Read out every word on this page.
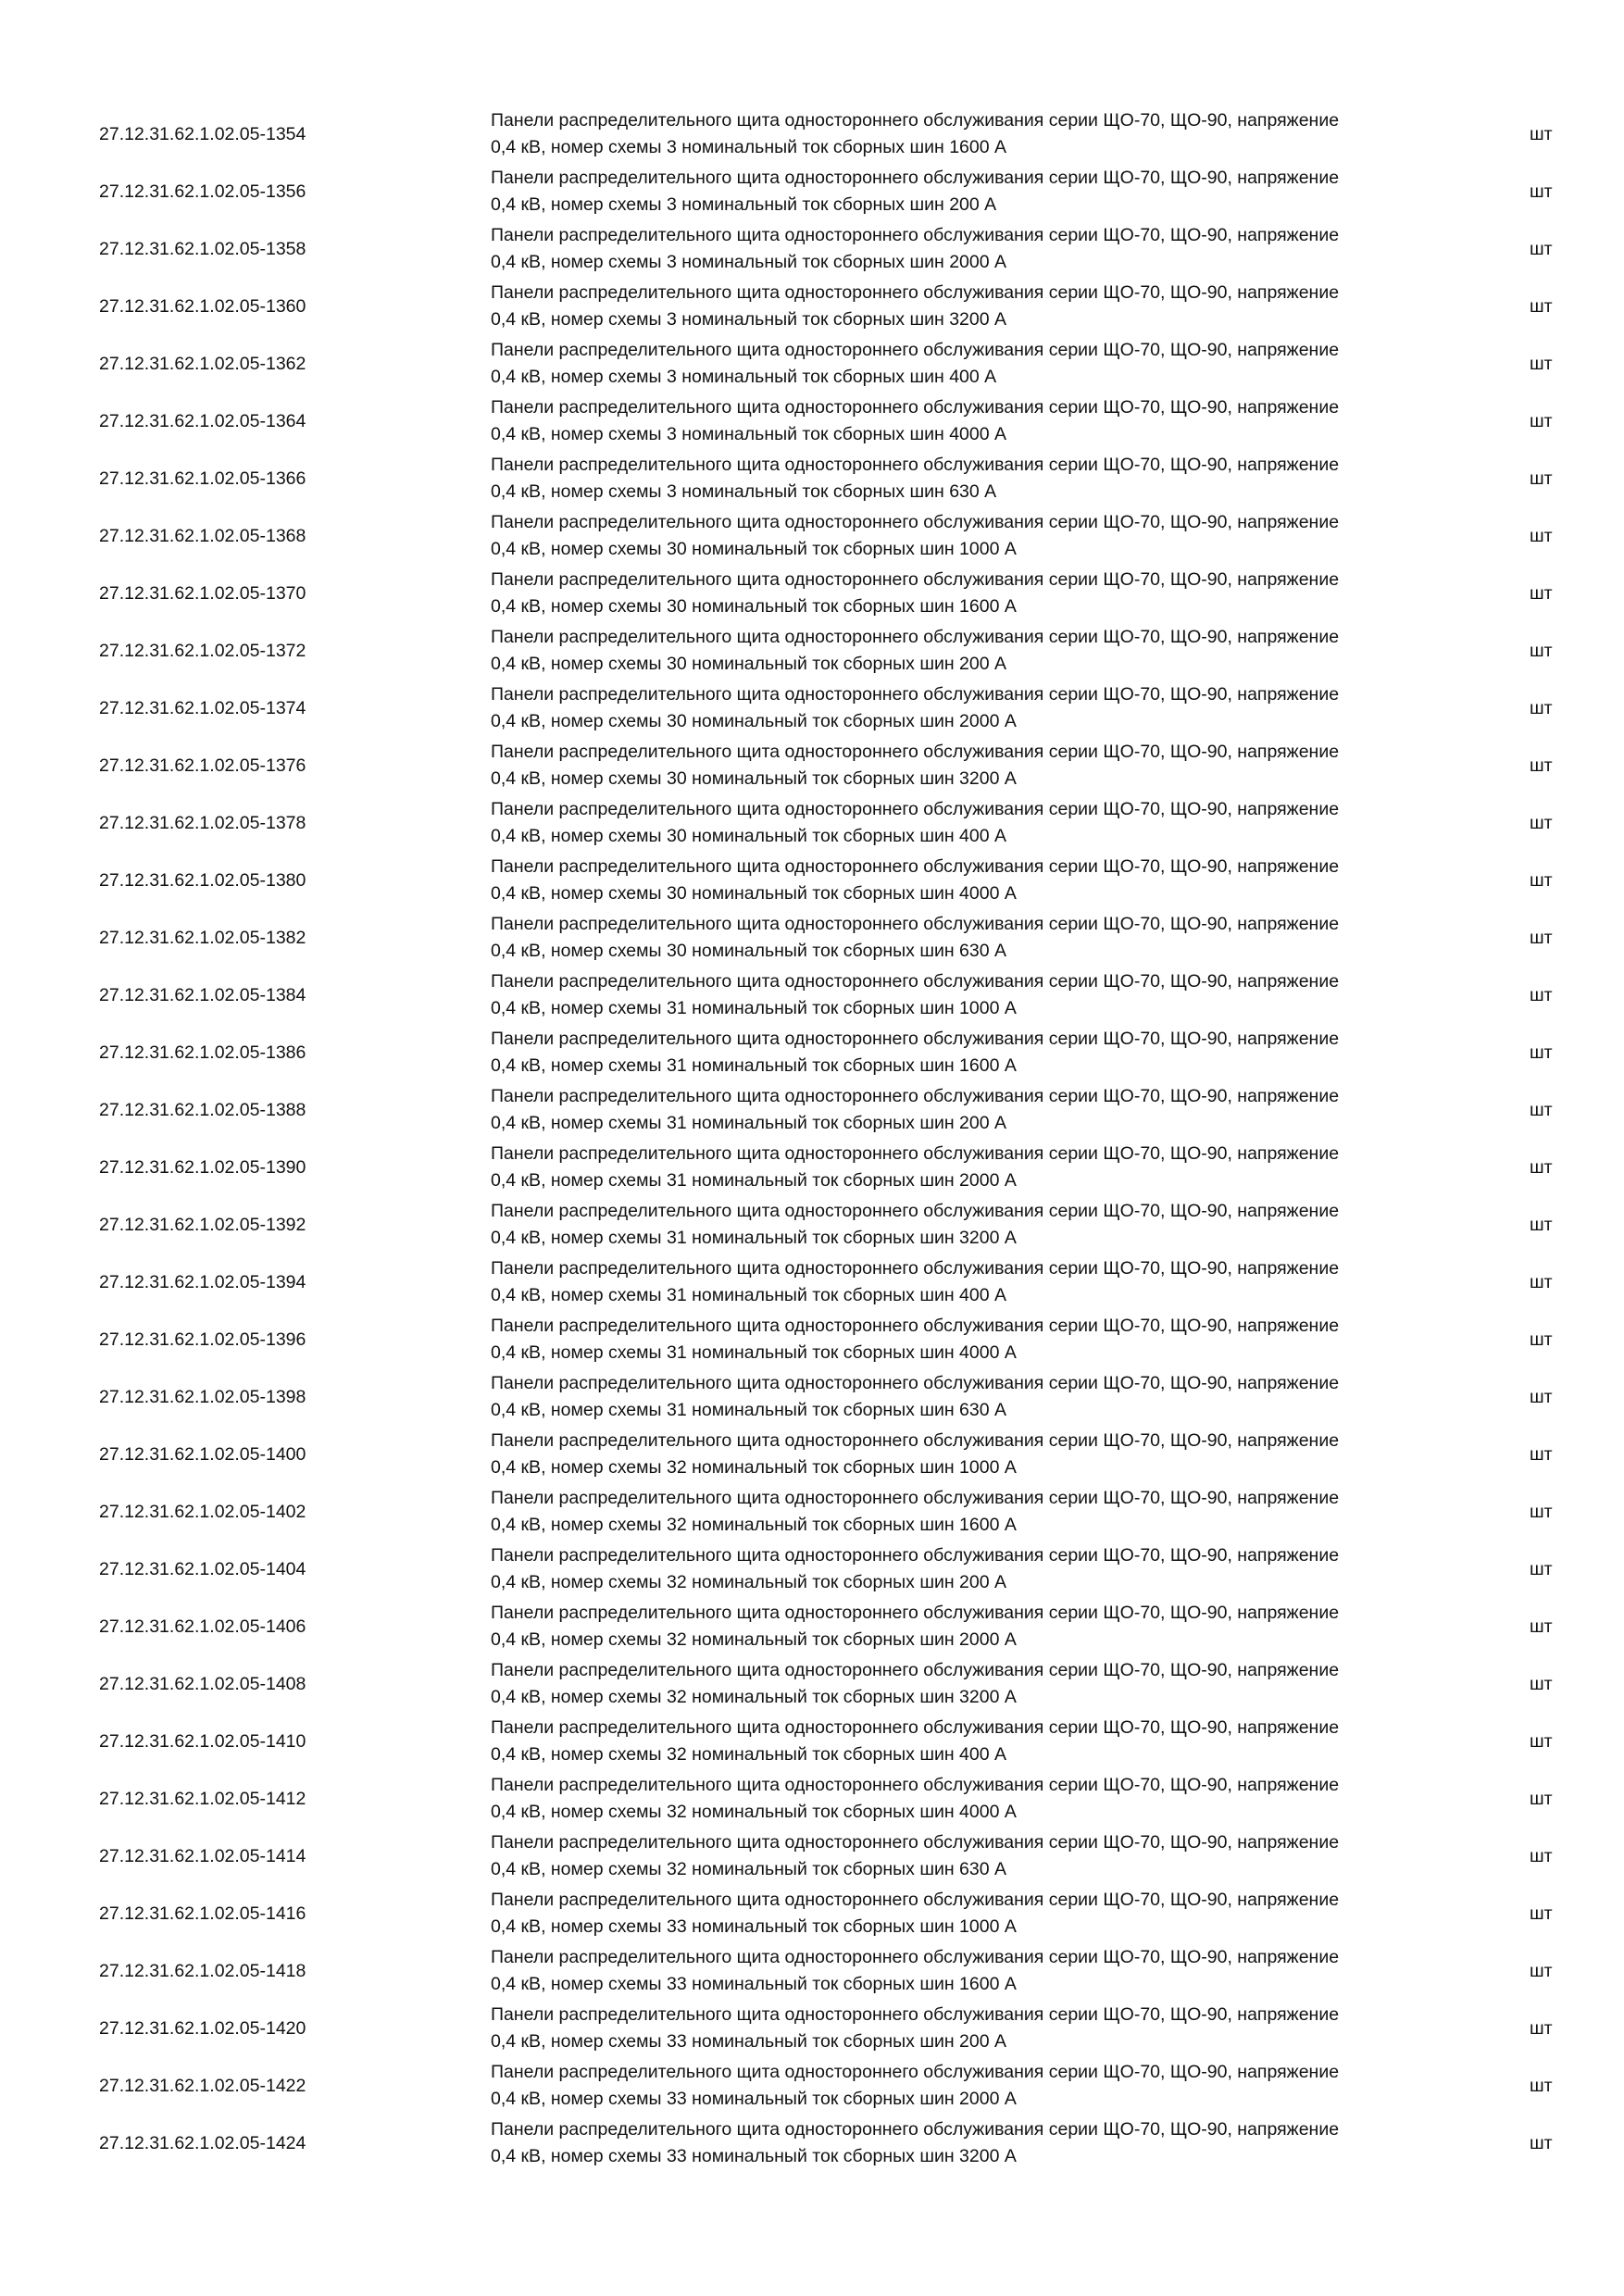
27.12.31.62.1.02.05-1354
Панели распределительного щита одностороннего обслуживания серии ЩО-70, ЩО-90, напряжение
0,4 кВ, номер схемы 3 номинальный ток сборных шин 1600 А
шт
27.12.31.62.1.02.05-1356
Панели распределительного щита одностороннего обслуживания серии ЩО-70, ЩО-90, напряжение
0,4 кВ, номер схемы 3 номинальный ток сборных шин 200 А
шт
27.12.31.62.1.02.05-1358
Панели распределительного щита одностороннего обслуживания серии ЩО-70, ЩО-90, напряжение
0,4 кВ, номер схемы 3 номинальный ток сборных шин 2000 А
шт
27.12.31.62.1.02.05-1360
Панели распределительного щита одностороннего обслуживания серии ЩО-70, ЩО-90, напряжение
0,4 кВ, номер схемы 3 номинальный ток сборных шин 3200 А
шт
27.12.31.62.1.02.05-1362
Панели распределительного щита одностороннего обслуживания серии ЩО-70, ЩО-90, напряжение
0,4 кВ, номер схемы 3 номинальный ток сборных шин 400 А
шт
27.12.31.62.1.02.05-1364
Панели распределительного щита одностороннего обслуживания серии ЩО-70, ЩО-90, напряжение
0,4 кВ, номер схемы 3 номинальный ток сборных шин 4000 А
шт
27.12.31.62.1.02.05-1366
Панели распределительного щита одностороннего обслуживания серии ЩО-70, ЩО-90, напряжение
0,4 кВ, номер схемы 3 номинальный ток сборных шин 630 А
шт
27.12.31.62.1.02.05-1368
Панели распределительного щита одностороннего обслуживания серии ЩО-70, ЩО-90, напряжение
0,4 кВ, номер схемы 30 номинальный ток сборных шин 1000 А
шт
27.12.31.62.1.02.05-1370
Панели распределительного щита одностороннего обслуживания серии ЩО-70, ЩО-90, напряжение
0,4 кВ, номер схемы 30 номинальный ток сборных шин 1600 А
шт
27.12.31.62.1.02.05-1372
Панели распределительного щита одностороннего обслуживания серии ЩО-70, ЩО-90, напряжение
0,4 кВ, номер схемы 30 номинальный ток сборных шин 200 А
шт
27.12.31.62.1.02.05-1374
Панели распределительного щита одностороннего обслуживания серии ЩО-70, ЩО-90, напряжение
0,4 кВ, номер схемы 30 номинальный ток сборных шин 2000 А
шт
27.12.31.62.1.02.05-1376
Панели распределительного щита одностороннего обслуживания серии ЩО-70, ЩО-90, напряжение
0,4 кВ, номер схемы 30 номинальный ток сборных шин 3200 А
шт
27.12.31.62.1.02.05-1378
Панели распределительного щита одностороннего обслуживания серии ЩО-70, ЩО-90, напряжение
0,4 кВ, номер схемы 30 номинальный ток сборных шин 400 А
шт
27.12.31.62.1.02.05-1380
Панели распределительного щита одностороннего обслуживания серии ЩО-70, ЩО-90, напряжение
0,4 кВ, номер схемы 30 номинальный ток сборных шин 4000 А
шт
27.12.31.62.1.02.05-1382
Панели распределительного щита одностороннего обслуживания серии ЩО-70, ЩО-90, напряжение
0,4 кВ, номер схемы 30 номинальный ток сборных шин 630 А
шт
27.12.31.62.1.02.05-1384
Панели распределительного щита одностороннего обслуживания серии ЩО-70, ЩО-90, напряжение
0,4 кВ, номер схемы 31 номинальный ток сборных шин 1000 А
шт
27.12.31.62.1.02.05-1386
Панели распределительного щита одностороннего обслуживания серии ЩО-70, ЩО-90, напряжение
0,4 кВ, номер схемы 31 номинальный ток сборных шин 1600 А
шт
27.12.31.62.1.02.05-1388
Панели распределительного щита одностороннего обслуживания серии ЩО-70, ЩО-90, напряжение
0,4 кВ, номер схемы 31 номинальный ток сборных шин 200 А
шт
27.12.31.62.1.02.05-1390
Панели распределительного щита одностороннего обслуживания серии ЩО-70, ЩО-90, напряжение
0,4 кВ, номер схемы 31 номинальный ток сборных шин 2000 А
шт
27.12.31.62.1.02.05-1392
Панели распределительного щита одностороннего обслуживания серии ЩО-70, ЩО-90, напряжение
0,4 кВ, номер схемы 31 номинальный ток сборных шин 3200 А
шт
27.12.31.62.1.02.05-1394
Панели распределительного щита одностороннего обслуживания серии ЩО-70, ЩО-90, напряжение
0,4 кВ, номер схемы 31 номинальный ток сборных шин 400 А
шт
27.12.31.62.1.02.05-1396
Панели распределительного щита одностороннего обслуживания серии ЩО-70, ЩО-90, напряжение
0,4 кВ, номер схемы 31 номинальный ток сборных шин 4000 А
шт
27.12.31.62.1.02.05-1398
Панели распределительного щита одностороннего обслуживания серии ЩО-70, ЩО-90, напряжение
0,4 кВ, номер схемы 31 номинальный ток сборных шин 630 А
шт
27.12.31.62.1.02.05-1400
Панели распределительного щита одностороннего обслуживания серии ЩО-70, ЩО-90, напряжение
0,4 кВ, номер схемы 32 номинальный ток сборных шин 1000 А
шт
27.12.31.62.1.02.05-1402
Панели распределительного щита одностороннего обслуживания серии ЩО-70, ЩО-90, напряжение
0,4 кВ, номер схемы 32 номинальный ток сборных шин 1600 А
шт
27.12.31.62.1.02.05-1404
Панели распределительного щита одностороннего обслуживания серии ЩО-70, ЩО-90, напряжение
0,4 кВ, номер схемы 32 номинальный ток сборных шин 200 А
шт
27.12.31.62.1.02.05-1406
Панели распределительного щита одностороннего обслуживания серии ЩО-70, ЩО-90, напряжение
0,4 кВ, номер схемы 32 номинальный ток сборных шин 2000 А
шт
27.12.31.62.1.02.05-1408
Панели распределительного щита одностороннего обслуживания серии ЩО-70, ЩО-90, напряжение
0,4 кВ, номер схемы 32 номинальный ток сборных шин 3200 А
шт
27.12.31.62.1.02.05-1410
Панели распределительного щита одностороннего обслуживания серии ЩО-70, ЩО-90, напряжение
0,4 кВ, номер схемы 32 номинальный ток сборных шин 400 А
шт
27.12.31.62.1.02.05-1412
Панели распределительного щита одностороннего обслуживания серии ЩО-70, ЩО-90, напряжение
0,4 кВ, номер схемы 32 номинальный ток сборных шин 4000 А
шт
27.12.31.62.1.02.05-1414
Панели распределительного щита одностороннего обслуживания серии ЩО-70, ЩО-90, напряжение
0,4 кВ, номер схемы 32 номинальный ток сборных шин 630 А
шт
27.12.31.62.1.02.05-1416
Панели распределительного щита одностороннего обслуживания серии ЩО-70, ЩО-90, напряжение
0,4 кВ, номер схемы 33 номинальный ток сборных шин 1000 А
шт
27.12.31.62.1.02.05-1418
Панели распределительного щита одностороннего обслуживания серии ЩО-70, ЩО-90, напряжение
0,4 кВ, номер схемы 33 номинальный ток сборных шин 1600 А
шт
27.12.31.62.1.02.05-1420
Панели распределительного щита одностороннего обслуживания серии ЩО-70, ЩО-90, напряжение
0,4 кВ, номер схемы 33 номинальный ток сборных шин 200 А
шт
27.12.31.62.1.02.05-1422
Панели распределительного щита одностороннего обслуживания серии ЩО-70, ЩО-90, напряжение
0,4 кВ, номер схемы 33 номинальный ток сборных шин 2000 А
шт
27.12.31.62.1.02.05-1424
Панели распределительного щита одностороннего обслуживания серии ЩО-70, ЩО-90, напряжение
0,4 кВ, номер схемы 33 номинальный ток сборных шин 3200 А
шт
